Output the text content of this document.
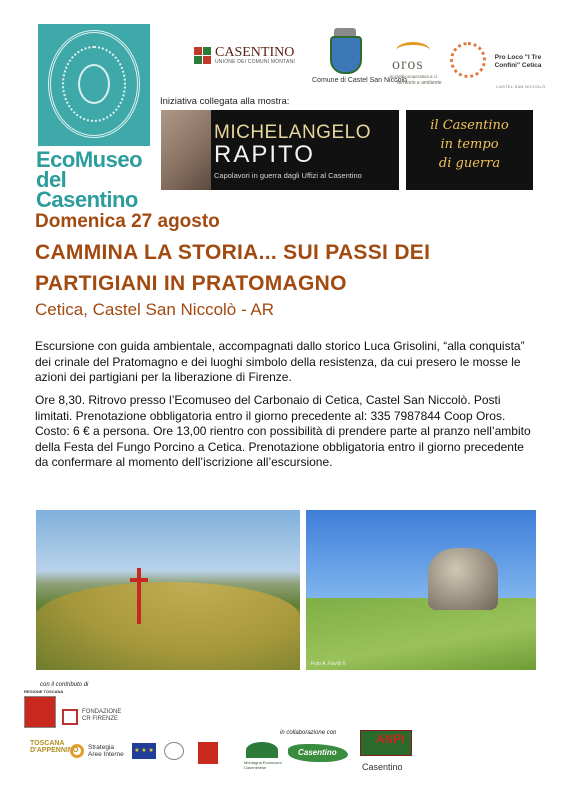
EcoMuseo
del Casentino
CASENTINO
UNIONE DEI COMUNI MONTANI
Comune di Castel San Niccolò
oros
società cooperativa a r.l.
Territorio e ambiente
Pro Loco "I Tre Confini" Cetica
CASTEL SAN NICCOLÒ
Iniziativa collegata alla mostra:
MICHELANGELO
RAPITO
Capolavori in guerra dagli Uffizi al Casentino
il Casentino
in tempo
di guerra
Domenica 27 agosto
CAMMINA LA STORIA... SUI PASSI DEI
PARTIGIANI IN PRATOMAGNO
Cetica, Castel San Niccolò - AR
Escursione con guida ambientale, accompagnati dallo storico Luca Grisolini, “alla conquista” dei crinale del Pratomagno e dei luoghi simbolo della resistenza, da cui presero le mosse le azioni dei partigiani per la liberazione di Firenze.
Ore 8,30. Ritrovo presso l’Ecomuseo del Carbonaio di Cetica, Castel San Niccolò. Posti limitati. Prenotazione obbligatoria entro il giorno precedente al: 335 7987844 Coop Oros. Costo: 6 € a persona. Ore 13,00 rientro con possibilità di prendere parte al pranzo nell’ambito della Festa del Fungo Porcino a Cetica. Prenotazione obbligatoria entro il giorno precedente da confermare al momento dell’iscrizione all’escursione.
Foto A. Favilli ©
con il contributo di
REGIONE TOSCANA
FONDAZIONE
CR FIRENZE
TOSCANA
D'APPENNINO Strategia
Aree Interne	★ ★ ★
in collaborazione con
Montagna Ecomuseo Casentinese
Casentino
ANPI
Casentino
